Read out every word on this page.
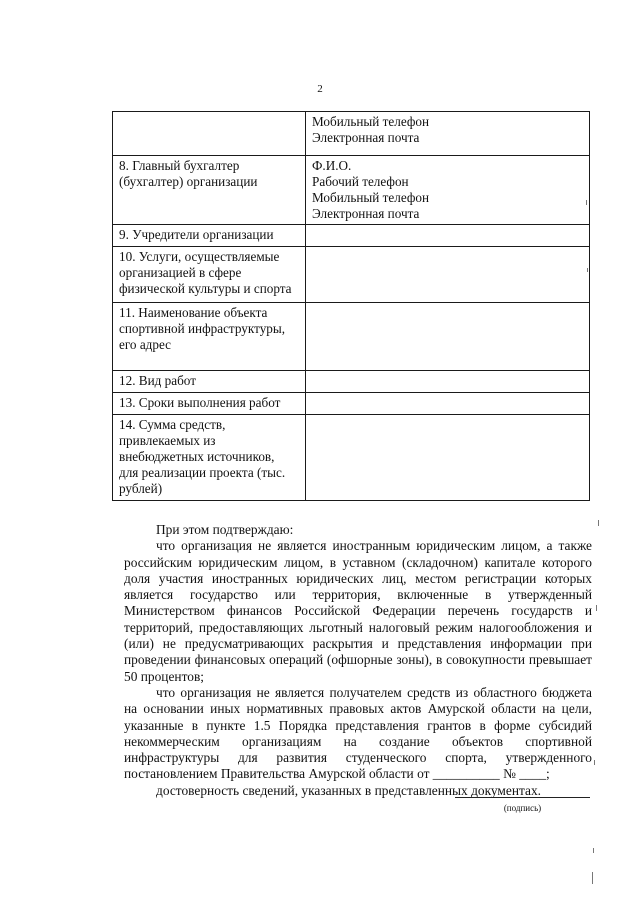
2

	Мобильный телефон
Электронная почта

8. Главный бухгалтер
(бухгалтер) организации	Ф.И.О.
Рабочий телефон
Мобильный телефон
Электронная почта

9. Учредители организации	

10. Услуги, осуществляемые
организацией в сфере
физической культуры и спорта	

11. Наименование объекта
спортивной инфраструктуры,
его адрес	

12. Вид работ	

13. Сроки выполнения работ	

14. Сумма средств,
привлекаемых из
внебюджетных источников,
для реализации проекта (тыс.
рублей)	

При этом подтверждаю:

что организация не является иностранным юридическим лицом, а также российским юридическим лицом, в уставном (складочном) капитале которого доля участия иностранных юридических лиц, местом регистрации которых является государство или территория, включенные в утвержденный Министерством финансов Российской Федерации перечень государств и территорий, предоставляющих льготный налоговый режим налогообложения и (или) не предусматривающих раскрытия и представления информации при проведении финансовых операций (офшорные зоны), в совокупности превышает 50 процентов;

что организация не является получателем средств из областного бюджета на основании иных нормативных правовых актов Амурской области на цели, указанные в пункте 1.5 Порядка представления грантов в форме субсидий некоммерческим организациям на создание объектов спортивной инфраструктуры для развития студенческого спорта, утвержденного постановлением Правительства Амурской области от __________ № ____;

достоверность сведений, указанных в представленных документах.

(подпись)
